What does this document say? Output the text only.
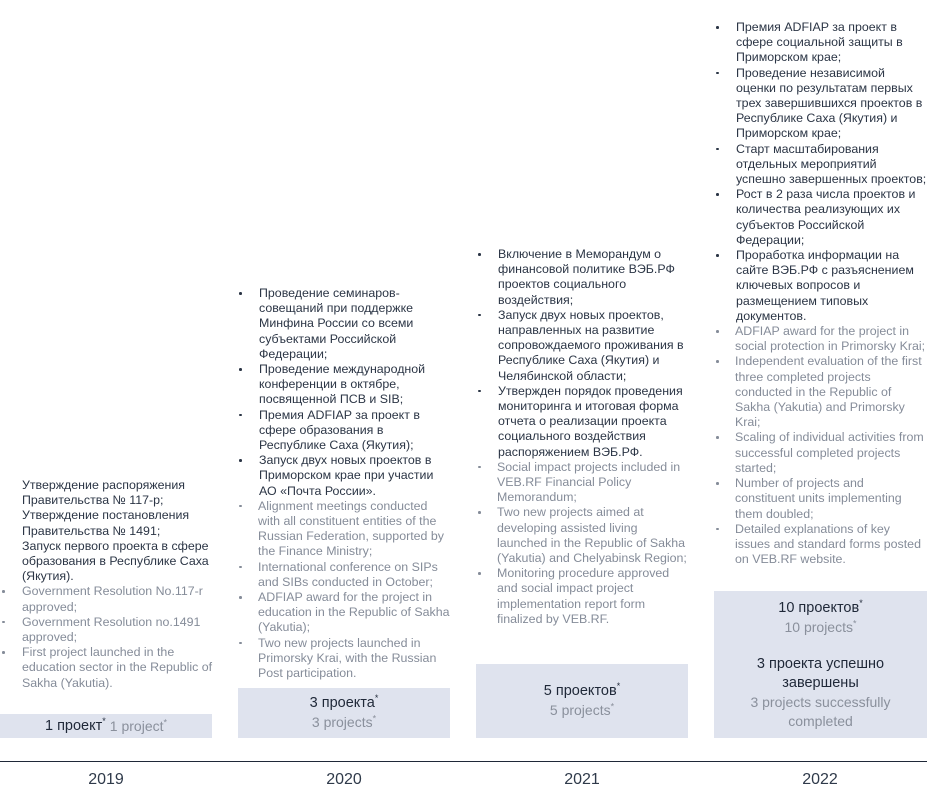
Утверждение распоряжения Правительства № 117-р;
Утверждение постановления Правительства № 1491;
Запуск первого проекта в сфере образования в Республике Саха (Якутия).
Government Resolution No.117-r approved;
Government Resolution no.1491 approved;
First project launched in the education sector in the Republic of Sakha (Yakutia).
Проведение семинаров-совещаний при поддержке Минфина России со всеми субъектами Российской Федерации;
Проведение международной конференции в октябре, посвященной ПСВ и SIB;
Премия ADFIAP за проект в сфере образования в Республике Саха (Якутия);
Запуск двух новых проектов в Приморском крае при участии АО «Почта России».
Alignment meetings conducted with all constituent entities of the Russian Federation, supported by the Finance Ministry;
International conference on SIPs and SIBs conducted in October;
ADFIAP award for the project in education in the Republic of Sakha (Yakutia);
Two new projects launched in Primorsky Krai, with the Russian Post participation.
Включение в Меморандум о финансовой политике ВЭБ.РФ проектов социального воздействия;
Запуск двух новых проектов, направленных на развитие сопровождаемого проживания в Республике Саха (Якутия) и Челябинской области;
Утвержден порядок проведения мониторинга и итоговая форма отчета о реализации проекта социального воздействия распоряжением ВЭБ.РФ.
Social impact projects included in VEB.RF Financial Policy Memorandum;
Two new projects aimed at developing assisted living launched in the Republic of Sakha (Yakutia) and Chelyabinsk Region;
Monitoring procedure approved and social impact project implementation report form finalized by VEB.RF.
Премия ADFIAP за проект в сфере социальной защиты в Приморском крае;
Проведение независимой оценки по результатам первых трех завершившихся проектов в Республике Саха (Якутия) и Приморском крае;
Старт масштабирования отдельных мероприятий успешно завершенных проектов;
Рост в 2 раза числа проектов и количества реализующих их субъектов Российской Федерации;
Проработка информации на сайте ВЭБ.РФ с разъяснением ключевых вопросов и размещением типовых документов.
ADFIAP award for the project in social protection in Primorsky Krai;
Independent evaluation of the first three completed projects conducted in the Republic of Sakha (Yakutia) and Primorsky Krai;
Scaling of individual activities from successful completed projects started;
Number of projects and constituent units implementing them doubled;
Detailed explanations of key issues and standard forms posted on VEB.RF website.
1 проект* 1 project*
3 проекта*
3 projects*
5 проектов*
5 projects*
10 проектов*
10 projects*
3 проекта успешно завершены
3 projects successfully completed
2019	2020	2021	2022
